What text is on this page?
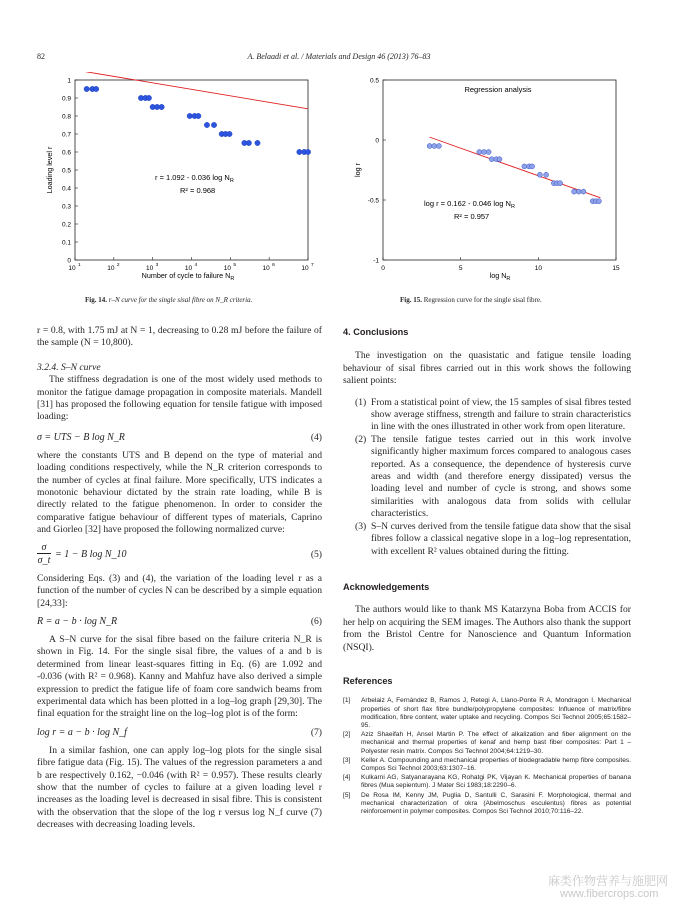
82	A. Belaadi et al. / Materials and Design 46 (2013) 76–83
1
0.9
0.8
0.7
0.6
0.5
0.4
0.3
0.2
0.1
0
10 1	10 2	10 3	10 4	10 5	10 6	10 7
r = 1.092 - 0.036 $\log N_R$
R² = 0.968
Loading level r
Number of cycle to failure $N_R$
Fig. 14. r–N curve for the single sisal fibre on N_R criteria.
Regression analysis
0.5
0
-0.5
-1
0	5	10	15
log r = 0.162 - 0.046 $\log N_R$
R² = 0.957
log r
$\log N_R$
Fig. 15. Regression curve for the single sisal fibre.

r = 0.8, with 1.75 mJ at N = 1, decreasing to 0.28 mJ before the failure of the sample (N = 10,800).

3.2.4. S–N curve

The stiffness degradation is one of the most widely used methods to monitor the fatigue damage propagation in composite materials. Mandell [31] has proposed the following equation for tensile fatigue with imposed loading:

σ = UTS − B log N_R	(4)

where the constants UTS and B depend on the type of material and loading conditions respectively, while the N_R criterion corresponds to the number of cycles at final failure. More specifically, UTS indicates a monotonic behaviour dictated by the strain rate loading, while B is directly related to the fatigue phenomenon. In order to consider the comparative fatigue behaviour of different types of materials, Caprino and Giorleo [32] have proposed the following normalized curve:

σ
σ_t
= 1 − B log N_10	(5)

Considering Eqs. (3) and (4), the variation of the loading level r as a function of the number of cycles N can be described by a simple equation [24,33]:

R = a − b · log N_R	(6)

A S–N curve for the sisal fibre based on the failure criteria N_R is shown in Fig. 14. For the single sisal fibre, the values of a and b is determined from linear least-squares fitting in Eq. (6) are 1.092 and -0.036 (with R² = 0.968). Kanny and Mahfuz have also derived a simple expression to predict the fatigue life of foam core sandwich beams from experimental data which has been plotted in a log–log graph [29,30]. The final equation for the straight line on the log–log plot is of the form:

log r = a − b · log N_f	(7)

In a similar fashion, one can apply log–log plots for the single sisal fibre fatigue data (Fig. 15). The values of the regression parameters a and b are respectively 0.162, −0.046 (with R² = 0.957). These results clearly show that the number of cycles to failure at a given loading level r increases as the loading level is decreased in sisal fibre. This is consistent with the observation that the slope of the log r versus log N_f curve (7) decreases with decreasing loading levels.

4. Conclusions

The investigation on the quasistatic and fatigue tensile loading behaviour of sisal fibres carried out in this work shows the following salient points:

(1) From a statistical point of view, the 15 samples of sisal fibres tested show average stiffness, strength and failure to strain characteristics in line with the ones illustrated in other work from open literature.
(2) The tensile fatigue testes carried out in this work involve significantly higher maximum forces compared to analogous cases reported. As a consequence, the dependence of hysteresis curve areas and width (and therefore energy dissipated) versus the loading level and number of cycle is strong, and shows some similarities with analogous data from solids with cellular characteristics.
(3) S–N curves derived from the tensile fatigue data show that the sisal fibres follow a classical negative slope in a log–log representation, with excellent R² values obtained during the fitting.
Acknowledgements

The authors would like to thank MS Katarzyna Boba from ACCIS for her help on acquiring the SEM images. The Authors also thank the support from the Bristol Centre for Nanoscience and Quantum Information (NSQI).

References
[1] Arbelaiz A, Fernández B, Ramos J, Retegi A, Llano-Ponte R A, Mondragon I. Mechanical properties of short flax fibre bundle/polypropylene composites: Influence of matrix/fibre modification, fibre content, water uptake and recycling. Compos Sci Technol 2005;65:1582–95.
[2] Aziz Shaeifah H, Ansel Martin P. The effect of alkalization and fiber alignment on the mechanical and thermal properties of kenaf and hemp bast fiber composites: Part 1 – Polyester resin matrix. Compos Sci Technol 2004;64:1219–30.
[3] Keller A. Compounding and mechanical properties of biodegradable hemp fibre composites. Compos Sci Technol 2003;63:1307–16.
[4] Kulkarni AG, Satyanarayana KG, Rohatgi PK, Vijayan K. Mechanical properties of banana fibres (Mua sepientum). J Mater Sci 1983;18:2290–6.
[5] De Rosa IM, Kenny JM, Puglia D, Santulli C, Sarasini F. Morphological, thermal and mechanical characterization of okra (Abelmoschus esculentus) fibres as potential reinforcement in polymer composites. Compos Sci Technol 2010;70:116–22.
麻类作物营养与施肥网
www.fibercrops.com
